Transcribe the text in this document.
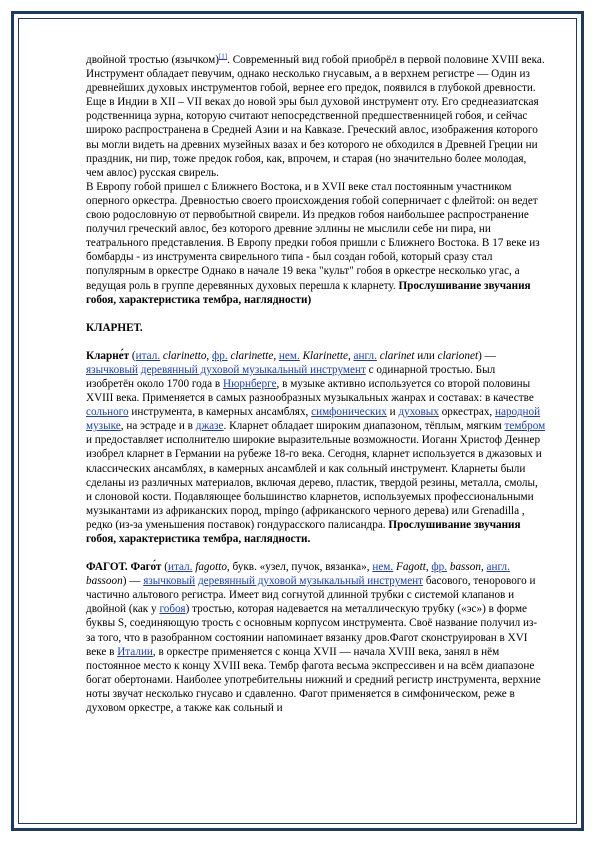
двойной тростью (язычком)[1]. Современный вид гобой приобрёл в первой половине XVIII века. Инструмент обладает певучим, однако несколько гнусавым, а в верхнем регистре — Один из древнейших духовых инструментов гобой, вернее его предок, появился в глубокой древности. Еще в Индии в XII – VII веках до новой эры был духовой инструмент оту. Его среднеазиатская родственница зурна, которую считают непосредственной предшественницей гобоя, и сейчас широко распространена в Средней Азии и на Кавказе. Греческий авлос, изображения которого вы могли видеть на древних музейных вазах и без которого не обходился в Древней Греции ни праздник, ни пир, тоже предок гобоя, как, впрочем, и старая (но значительно более молодая, чем авлос) русская свирель.

В Европу гобой пришел с Ближнего Востока, и в XVII веке стал постоянным участником оперного оркестра. Древностью своего происхождения гобой соперничает с флейтой: он ведет свою родословную от первобытной свирели. Из предков гобоя наибольшее распространение получил греческий авлос, без которого древние эллины не мыслили себе ни пира, ни театрального представления. В Европу предки гобоя пришли с Ближнего Востока. В 17 веке из бомбарды - из инструмента свирельного типа - был создан гобой, который сразу стал популярным в оркестре Однако в начале 19 века "культ" гобоя в оркестре несколько угас, а ведущая роль в группе деревянных духовых перешла к кларнету. Прослушивание звучания гобоя, характеристика тембра, наглядности)

КЛАРНЕТ.

Кларне́т (итал. clarinetto, фр. clarinette, нем. Klarinette, англ. clarinet или clarionet) — язычковый деревянный духовой музыкальный инструмент с одинарной тростью. Был изобретён около 1700 года в Нюрнберге, в музыке активно используется со второй половины XVIII века. Применяется в самых разнообразных музыкальных жанрах и составах: в качестве сольного инструмента, в камерных ансамблях, симфонических и духовых оркестрах, народной музыке, на эстраде и в джазе. Кларнет обладает широким диапазоном, тёплым, мягким тембром и предоставляет исполнителю широкие выразительные возможности. Иоганн Христоф Деннер изобрел кларнет в Германии на рубеже 18-го века. Сегодня, кларнет используется в джазовых и классических ансамблях, в камерных ансамблей и как сольный инструмент. Кларнеты были сделаны из различных материалов, включая дерево, пластик, твердой резины, металла, смолы, и слоновой кости. Подавляющее большинство кларнетов, используемых профессиональными музыкантами из африканских пород, mpingo (африканского черного дерева) или Grenadilla , редко (из-за уменьшения поставок) гондурасского палисандра. Прослушивание звучания гобоя, характеристика тембра, наглядности.

ФАГОТ. Фаго́т (итал. fagotto, букв. «узел, пучок, вязанка», нем. Fagott, фр. basson, англ. bassoon) — язычковый деревянный духовой музыкальный инструмент басового, тенорового и частично альтового регистра. Имеет вид согнутой длинной трубки с системой клапанов и двойной (как у гобоя) тростью, которая надевается на металлическую трубку («эс») в форме буквы S, соединяющую трость с основным корпусом инструмента. Своё название получил из-за того, что в разобранном состоянии напоминает вязанку дров.Фагот сконструирован в XVI веке в Италии, в оркестре применяется с конца XVII — начала XVIII века, занял в нём постоянное место к концу XVIII века. Тембр фагота весьма экспрессивен и на всём диапазоне богат обертонами. Наиболее употребительны нижний и средний регистр инструмента, верхние ноты звучат несколько гнусаво и сдавленно. Фагот применяется в симфоническом, реже в духовом оркестре, а также как сольный и
